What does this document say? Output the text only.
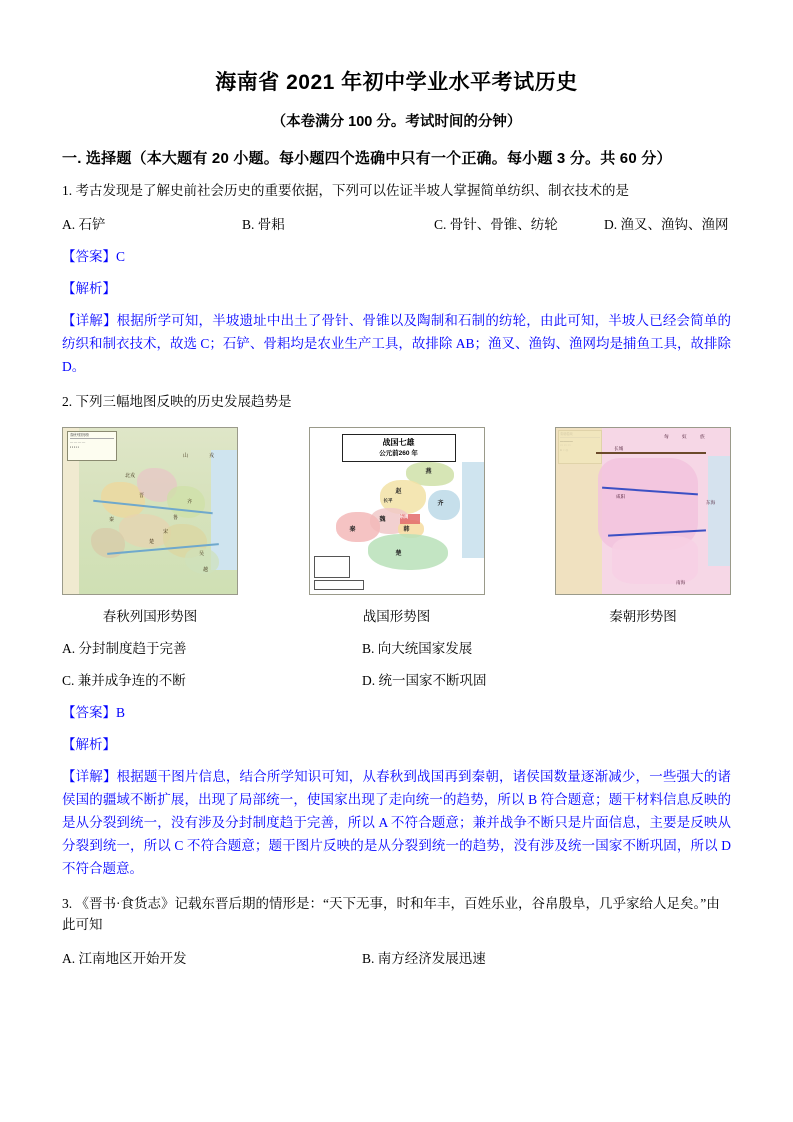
海南省 2021 年初中学业水平考试历史
（本卷满分 100 分。考试时间的分钟）
一. 选择题（本大题有 20 小题。每小题四个选确中只有一个正确。每小题 3 分。共 60 分）
1. 考古发现是了解史前社会历史的重要依据，下列可以佐证半坡人掌握简单纺织、制衣技术的是
A. 石铲	B. 骨耜	C. 骨针、骨锥、纺轮	D. 渔叉、渔钩、渔网
【答案】C
【解析】
【详解】根据所学可知，半坡遗址中出土了骨针、骨锥以及陶制和石制的纺轮，由此可知，半坡人已经会简单的纺织和制衣技术，故选 C；石铲、骨耜均是农业生产工具，故排除 AB；渔叉、渔钩、渔网均是捕鱼工具，故排除 D。
2. 下列三幅地图反映的历史发展趋势是
春秋列国形势
— — — —
▪ ▪ ▪ ▪ ▪
山	戎
北戎
晋
齐
秦
楚
吴
越
鲁
宋
春秋列国形势图
战国七雄
公元前260 年
燕
赵
齐
魏
韩
秦
楚
东周
长平
战国形势图
匈	奴	族
咸阳
东海
南海
长城
秦朝形势图
A. 分封制度趋于完善	B. 向大统国家发展
C. 兼并成争连的不断	D. 统一国家不断巩固
【答案】B
【解析】
【详解】根据题干图片信息，结合所学知识可知，从春秋到战国再到秦朝，诸侯国数量逐渐减少，一些强大的诸侯国的疆域不断扩展，出现了局部统一，使国家出现了走向统一的趋势，所以 B 符合题意；题干材料信息反映的是从分裂到统一，没有涉及分封制度趋于完善，所以 A 不符合题意；兼并战争不断只是片面信息，主要是反映从分裂到统一，所以 C 不符合题意；题干图片反映的是从分裂到统一的趋势，没有涉及统一国家不断巩固，所以 D 不符合题意。
3. 《晋书·食货志》记载东晋后期的情形是：“天下无事，时和年丰，百姓乐业，谷帛殷阜，几乎家给人足矣。”由此可知
A. 江南地区开始开发	B. 南方经济发展迅速
